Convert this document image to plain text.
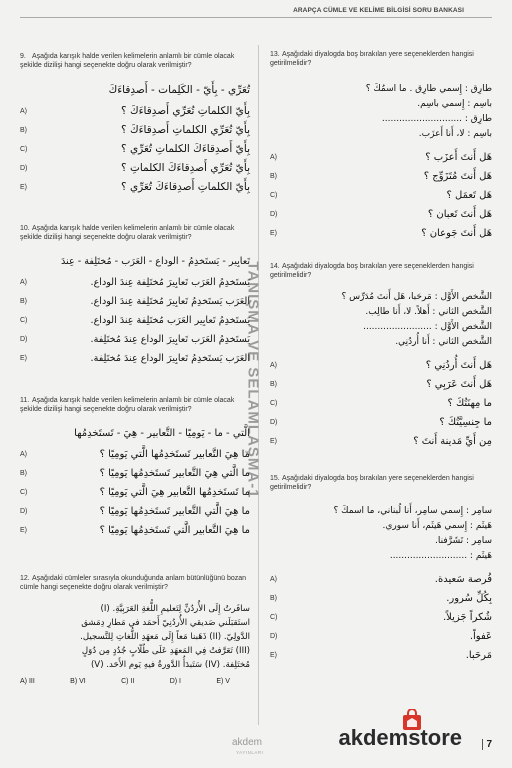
ARAPÇA CÜMLE VE KELİME BİLGİSİ SORU BANKASI
TANIŞMA VE SELAMLAŞMA-1
9. Aşağıda karışık halde verilen kelimelerin anlamlı bir cümle olacak şekilde dizilişi hangi seçenekte doğru olarak verilmiştir?
تُعَرِّي - بِأَيّ - الكَلِمات - أَصدِقاءَكَ
A)	بِأَيّ الكلماتِ تُعَرِّي أَصدِقاءَكَ ؟
B)	بِأَيّ تُعَرِّي الكلماتِ أَصدِقاءَكَ ؟
C)	بِأَيّ أَصدِقاءَكَ الكلماتِ تُعَرِّي ؟
D)	بِأَيّ تُعَرِّي أَصدِقاءَكَ الكلماتِ ؟
E)	بِأَيّ الكلماتِ أَصدِقاءَكَ تُعَرِّي ؟
10. Aşağıda karışık halde verilen kelimelerin anlamlı bir cümle olacak şekilde dizilişi hangi seçenekte doğru olarak verilmiştir?
تَعابِير - يَستَخدِمُ - الوداع - العَرَب - مُختَلِفة - عِندَ
A)	يَستَخدِمُ العَرَب تَعابِيرَ مُختَلِفة عِندَ الوداع.
B)	العَرَب يَستَخدِمُ تَعابِيرَ مُختَلِفة عِندَ الوداع.
C)	يَستَخدِمُ تَعابِير العَرَب مُختَلِفة عِندَ الوداع.
D)	يَستَخدِمُ العَرَب تَعابِيرَ الوداع عِندَ مُختَلِفة.
E)	العَرَب يَستَخدِمُ تَعابِيرَ الوداع عِندَ مُختَلِفة.
11. Aşağıda karışık halde verilen kelimelerin anlamlı bir cümle olacak şekilde dizilişi hangi seçenekte doğru olarak verilmiştir?
الَّتي - ما - يَومِيًا - التَّعابير - هِيَ - تَستَخدِمُها
A)	ما هِيَ التَّعابير تَستَخدِمُها الَّتي يَومِيًا ؟
B)	ما الَّتي هِيَ التَّعابير تَستَخدِمُها يَومِيًا ؟
C)	ما تَستَخدِمُها التَّعابير هِيَ الَّتي يَومِيًا ؟
D)	ما هِيَ الَّتي التَّعابير تَستَخدِمُها يَومِيًا ؟
E)	ما هِيَ التَّعابير الَّتي تَستَخدِمُها يَومِيًا ؟
12. Aşağıdaki cümleler sırasıyla okunduğunda anlam bütünlüğünü bozan cümle hangi seçenekte doğru olarak verilmiştir?
سافَرتُ إِلَى الأُردُنِّ لِتَعليمِ اللُّغةِ العَرَبِيَّةِ. (I)
استَقبَلَني صَديقي الأُردُنِيّ أَحمَد في مَطارِ دِمَشق
الدَّولِيّ. (II) ذَهَبنا مَعاً إِلَى مَعهَدِ اللُّغاتِ لِلتَّسجيل.
(III) تَعَرَّفتُ فِي المَعهَدِ عَلَى طُلّابٍ جُدُدٍ مِن دُوَلٍ
مُختَلِفة. (IV) سَتَبدَأُ الدَّورةُ فيهِ يَوم الأَحَد. (V)
A) III	B) VI	C) II	D) I	E) V
13. Aşağıdaki diyalogda boş bırakılan yere seçeneklerden hangisi getirilmelidir?
طارِق : إِسمي طارِق . ما اسمُكَ ؟
باسِم : إِسمي باسِم.
طارِق : ............................
باسِم : لا، أَنا أَعزَب.
A)	هَل أَنتَ أَعزَب ؟
B)	هَل أَنتَ مُتَزَوِّج ؟
C)	هَل تَعمَل ؟
D)	هَل أَنتَ تَعبان ؟
E)	هَل أَنتَ جَوعان ؟
14. Aşağıdaki diyalogda boş bırakılan yere seçeneklerden hangisi getirilmelidir?
الشَّخص الأَوَّل : مَرحَبا، هَل أَنتَ مُدَرِّس ؟
الشَّخص الثاني : أَهلاً. لا، أَنا طالِب.
الشَّخص الأَوَّل : ........................
الشَّخص الثاني : أَنا أُردُنِي.
A)	هَل أَنتَ أُردُنِي ؟
B)	هَل أَنتَ عَرَبِي ؟
C)	ما مِهنَتُكَ ؟
D)	ما جِنسِيَّتُكَ ؟
E)	مِن أَيِّ مَدينة أَنتَ ؟
15. Aşağıdaki diyalogda boş bırakılan yere seçeneklerden hangisi getirilmelidir?
سامِر : إِسمي سامِر، أَنا لُبناني، ما اسمكَ ؟
هَيثَم : إِسمي هَيثَم، أَنا سوري.
سامِر : تَشَرَّفنا.
هَيثَم : ...........................
A)	فُرصة سَعيدة.
B)	بِكُلِّ سُرور.
C)	شُكراً جَزيلاً.
D)	عَفواً.
E)	مَرحَبا.
akdem
YAYINLARI
akdemstore	7
